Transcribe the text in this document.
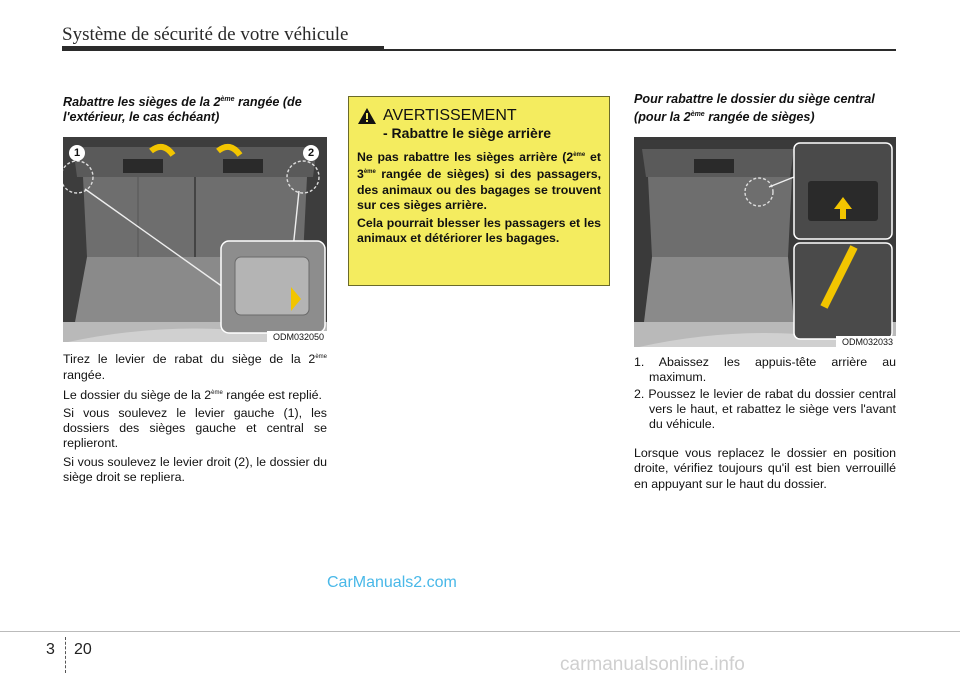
Système de sécurité de votre véhicule

Rabattre les sièges de la 2ème rangée (de l'extérieur, le cas échéant)

1	2
ODM032050

Tirez le levier de rabat du siège de la 2ème rangée.

Le dossier du siège de la 2ème rangée est replié.

Si vous soulevez le levier gauche (1), les dossiers des sièges gauche et central se replieront.

Si vous soulevez le levier droit (2), le dossier du siège droit se repliera.

AVERTISSEMENT

- Rabattre le siège arrière

Ne pas rabattre les sièges arrière (2ème et 3ème rangée de sièges) si des passagers, des animaux ou des bagages se trouvent sur ces sièges arrière.

Cela pourrait blesser les passagers et les animaux et détériorer les bagages.

Pour rabattre le dossier du siège central (pour la 2ème rangée de sièges)

ODM032033
1. Abaissez les appuis-tête arrière au maximum.
2. Poussez le levier de rabat du dossier central vers le haut, et rabattez le siège vers l'avant du véhicule.

Lorsque vous replacez le dossier en position droite, vérifiez toujours qu'il est bien verrouillé en appuyant sur le haut du dossier.

CarManuals2.com
3 20
carmanualsonline.info
